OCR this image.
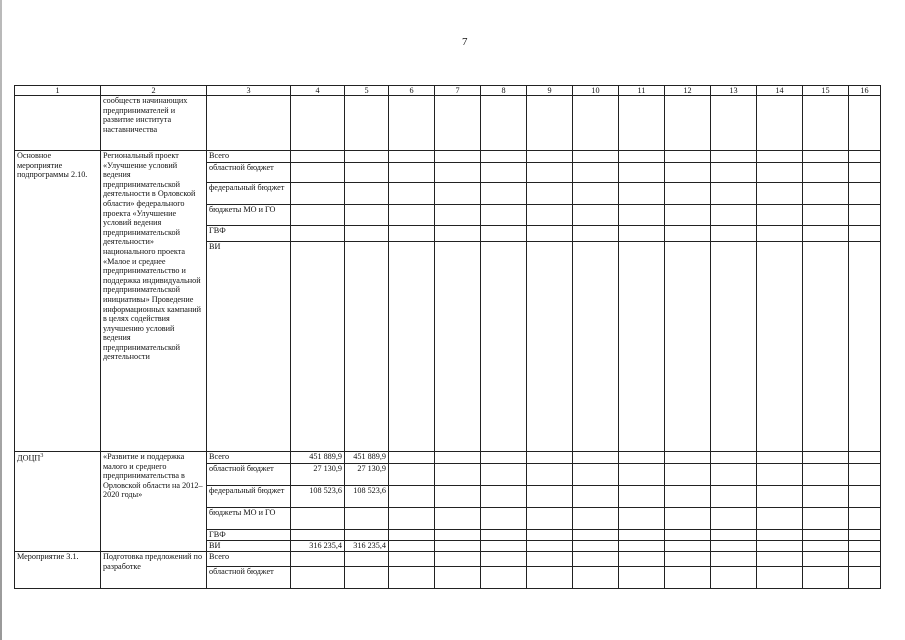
7
1	2	3	4	5	6	7	8	9	10	11	12	13	14	15	16
	сообществ начинающих предпринимателей и развитие института наставничества														
Основное мероприятие подпрограммы 2.10.	Региональный проект «Улучшение условий ведения предпринимательской деятельности в Орловской области» федерального проекта «Улучшение условий ведения предпринимательской деятельности» национального проекта «Малое и среднее предпринимательство и поддержка индивидуальной предпринимательской инициативы» Проведение информационных кампаний в целях содействия улучшению условий ведения предпринимательской деятельности	Всего													
		областной бюджет													
		федеральный бюджет													
		бюджеты МО и ГО													
		ГВФ													
		ВИ													
ДОЦП$^3$	«Развитие и поддержка малого и среднего предпринимательства в Орловской области на 2012–2020 годы»	Всего	451 889,9	451 889,9											
		областной бюджет	27 130,9	27 130,9											
		федеральный бюджет	108 523,6	108 523,6											
		бюджеты МО и ГО													
		ГВФ													
		ВИ	316 235,4	316 235,4											
Мероприятие 3.1.	Подготовка предложений по разработке	Всего													
		областной бюджет													
